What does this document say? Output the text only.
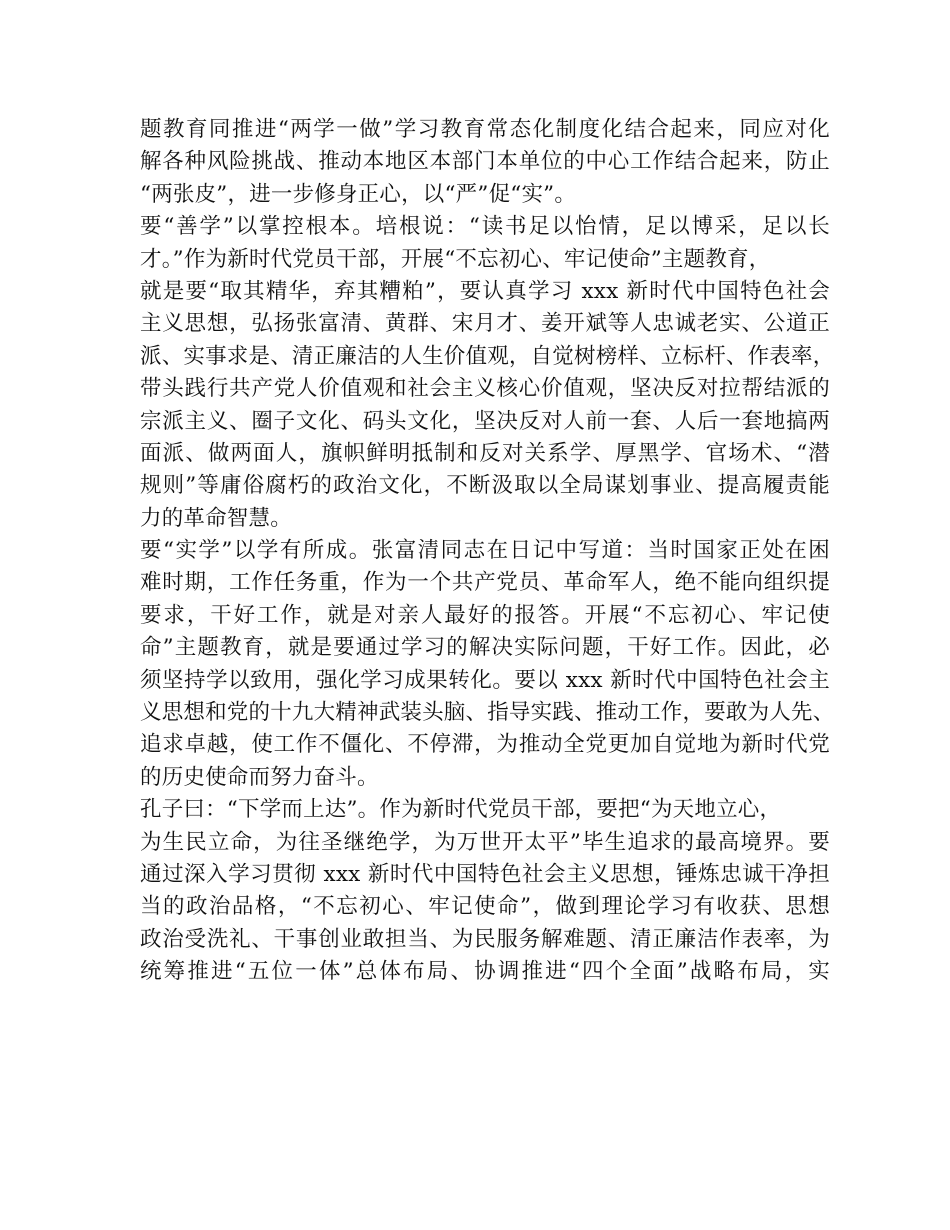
题教育同推进“两学一做”学习教育常态化制度化结合起来，同应对化
解各种风险挑战、推动本地区本部门本单位的中心工作结合起来，防止
“两张皮”，进一步修身正心，以“严”促“实”。
要“善学”以掌控根本。培根说：“读书足以怡情，足以博采，足以长
才。”作为新时代党员干部，开展“不忘初心、牢记使命”主题教育，
就是要“取其精华，弃其糟粕”，要认真学习 xxx 新时代中国特色社会
主义思想，弘扬张富清、黄群、宋月才、姜开斌等人忠诚老实、公道正
派、实事求是、清正廉洁的人生价值观，自觉树榜样、立标杆、作表率，
带头践行共产党人价值观和社会主义核心价值观，坚决反对拉帮结派的
宗派主义、圈子文化、码头文化，坚决反对人前一套、人后一套地搞两
面派、做两面人，旗帜鲜明抵制和反对关系学、厚黑学、官场术、“潜
规则”等庸俗腐朽的政治文化，不断汲取以全局谋划事业、提高履责能
力的革命智慧。
要“实学”以学有所成。张富清同志在日记中写道：当时国家正处在困
难时期，工作任务重，作为一个共产党员、革命军人，绝不能向组织提
要求，干好工作，就是对亲人最好的报答。开展“不忘初心、牢记使
命”主题教育，就是要通过学习的解决实际问题，干好工作。因此，必
须坚持学以致用，强化学习成果转化。要以 xxx 新时代中国特色社会主
义思想和党的十九大精神武装头脑、指导实践、推动工作，要敢为人先、
追求卓越，使工作不僵化、不停滞，为推动全党更加自觉地为新时代党
的历史使命而努力奋斗。
孔子曰：“下学而上达”。作为新时代党员干部，要把“为天地立心，
为生民立命，为往圣继绝学，为万世开太平”毕生追求的最高境界。要
通过深入学习贯彻 xxx 新时代中国特色社会主义思想，锤炼忠诚干净担
当的政治品格，“不忘初心、牢记使命”，做到理论学习有收获、思想
政治受洗礼、干事创业敢担当、为民服务解难题、清正廉洁作表率，为
统筹推进“五位一体”总体布局、协调推进“四个全面”战略布局，实
